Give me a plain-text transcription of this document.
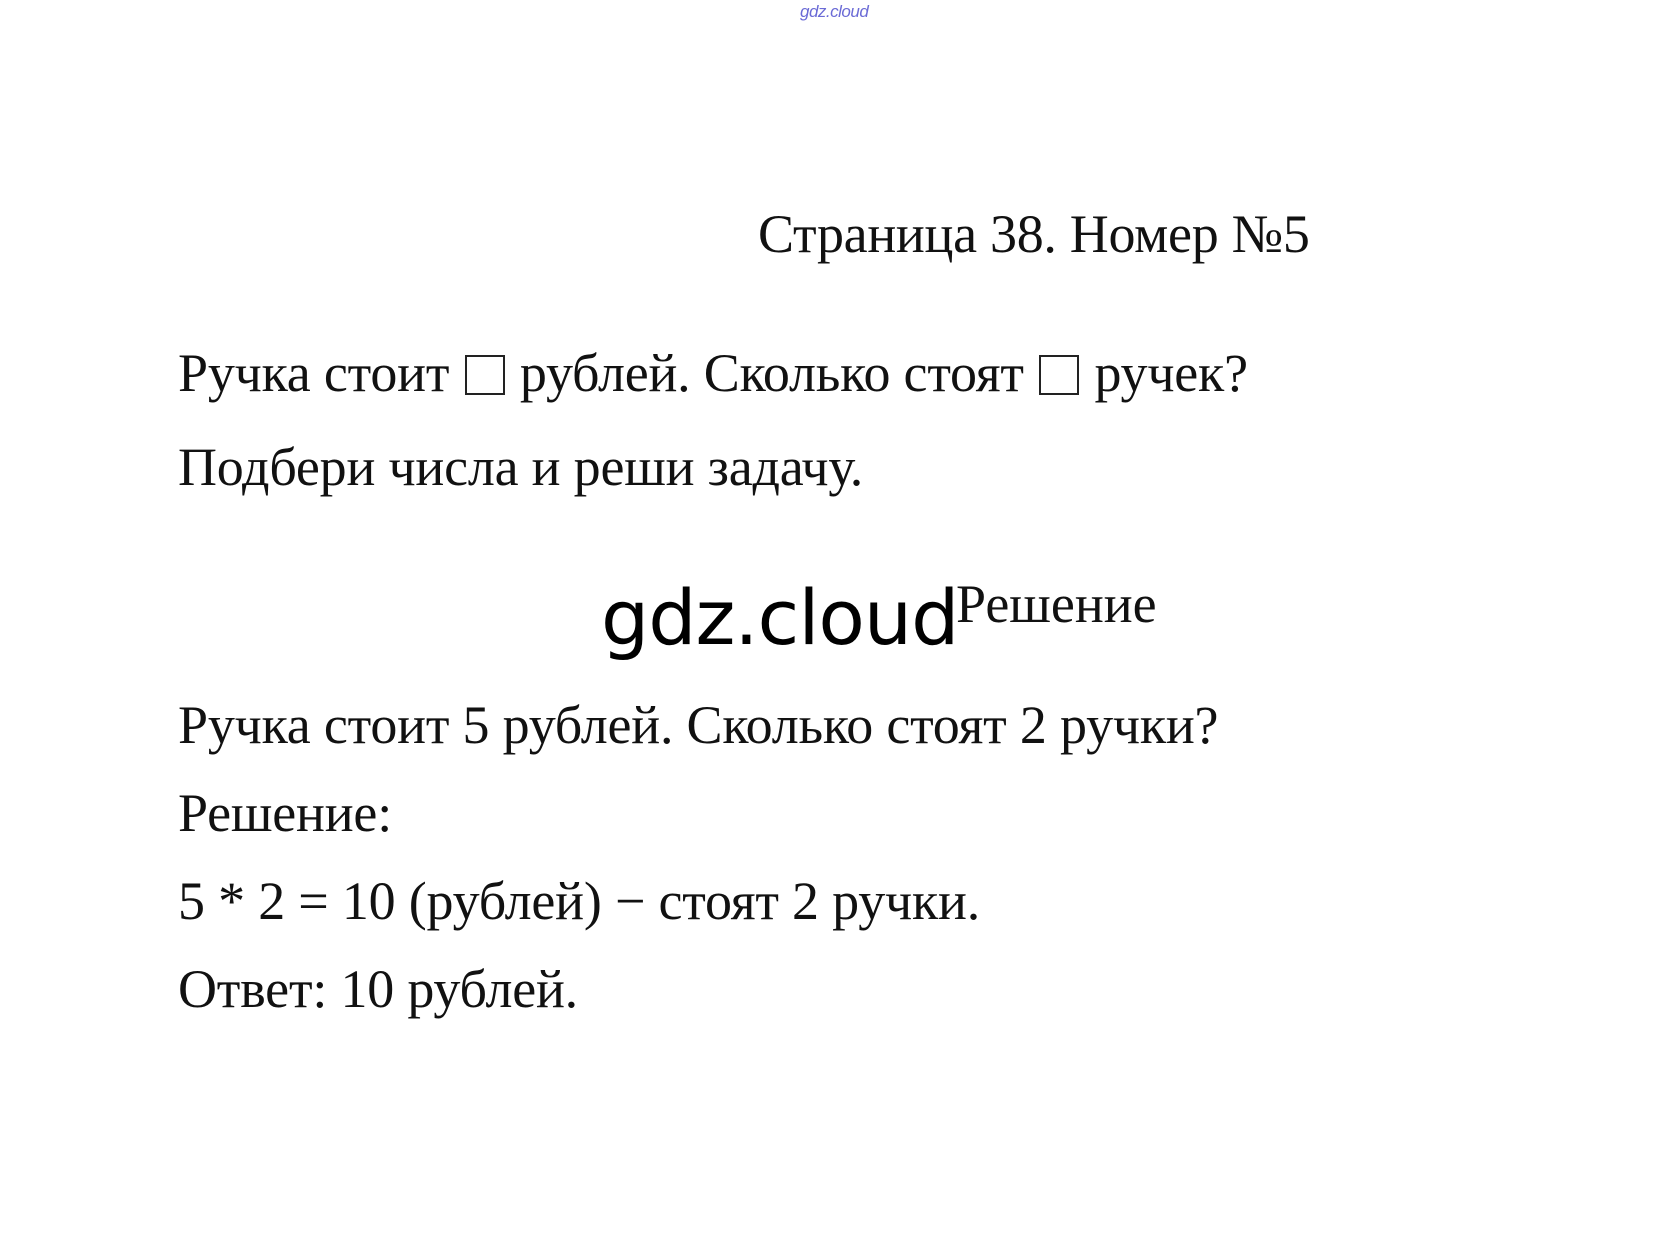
gdz.cloud
Страница 38. Номер №5
Ручка стоит рублей. Сколько стоят ручек?
Подбери числа и реши задачу.
gdz.cloud
Решение
Ручка стоит 5 рублей. Сколько стоят 2 ручки?
Решение:
5 * 2 = 10 (рублей) − стоят 2 ручки.
Ответ: 10 рублей.
